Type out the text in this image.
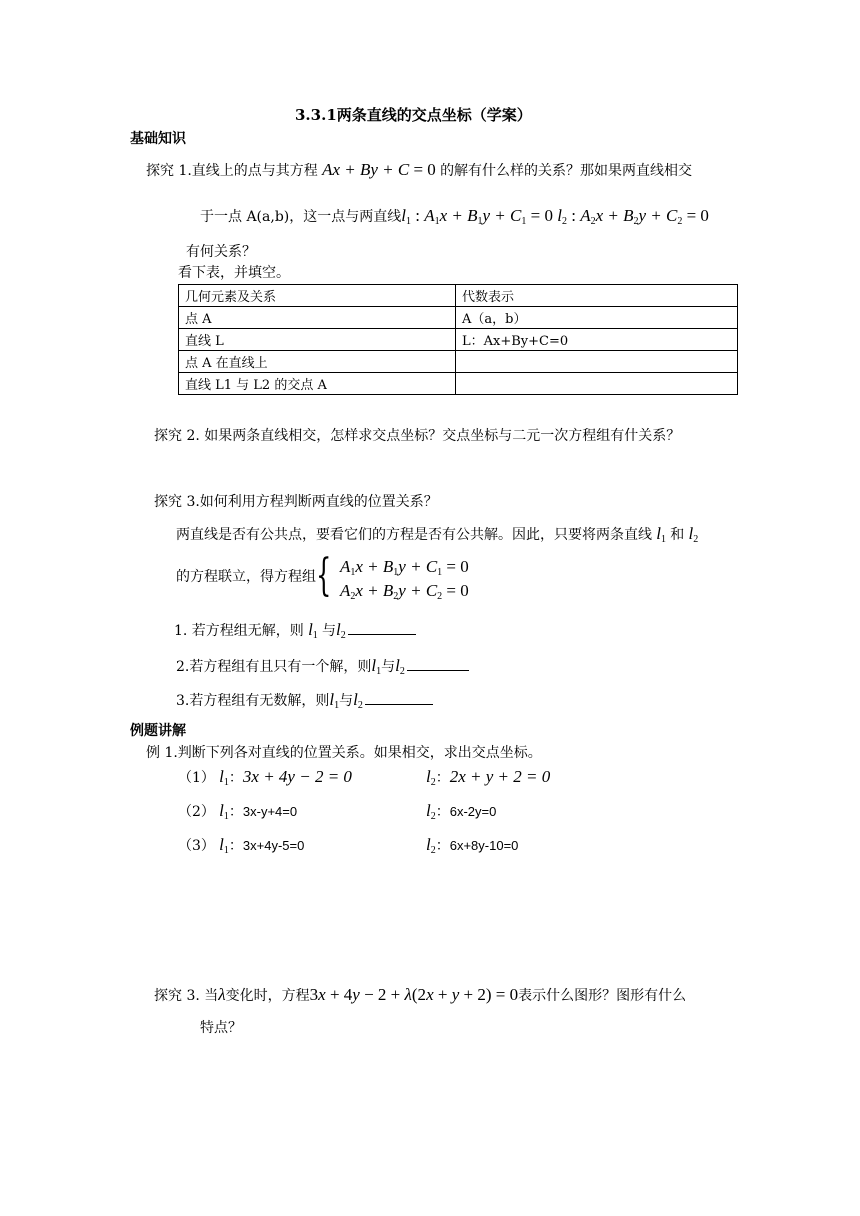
3.3.1两条直线的交点坐标（学案）
基础知识
探究 1.直线上的点与其方程 Ax + By + C = 0 的解有什么样的关系？那如果两直线相交
于一点 A(a,b)，这一点与两直线$l_1$ : $A_1x + B_1y + C_1 = 0$ $l_2$ : $A_2x + B_2y + C_2 = 0$
有何关系？
看下表，并填空。
几何元素及关系	代数表示
点 A	A（a，b）
直线 L	L：Ax+By+C=0
点 A 在直线上	
直线 L1 与 L2 的交点 A	
探究 2. 如果两条直线相交，怎样求交点坐标？交点坐标与二元一次方程组有什关系？
探究 3.如何利用方程判断两直线的位置关系？
两直线是否有公共点，要看它们的方程是否有公共解。因此，只要将两条直线 $l_1$ 和 $l_2$
的方程联立，得方程组 { $A_1x + B_1y + C_1 = 0$
$A_2x + B_2y + C_2 = 0$
1. 若方程组无解，则 $l_1$ 与$l_2$
2.若方程组有且只有一个解，则$l_1$与$l_2$
3.若方程组有无数解，则$l_1$与$l_2$
例题讲解
例 1.判断下列各对直线的位置关系。如果相交，求出交点坐标。
（1） $l_1$：3x + 4y − 2 = 0	$l_2$：2x + y + 2 = 0
（2） $l_1$：3x-y+4=0	$l_2$：6x-2y=0
（3） $l_1$：3x+4y-5=0	$l_2$：6x+8y-10=0
探究 3. 当λ变化时，方程3x + 4y − 2 + λ(2x + y + 2) = 0表示什么图形？图形有什么
特点？
